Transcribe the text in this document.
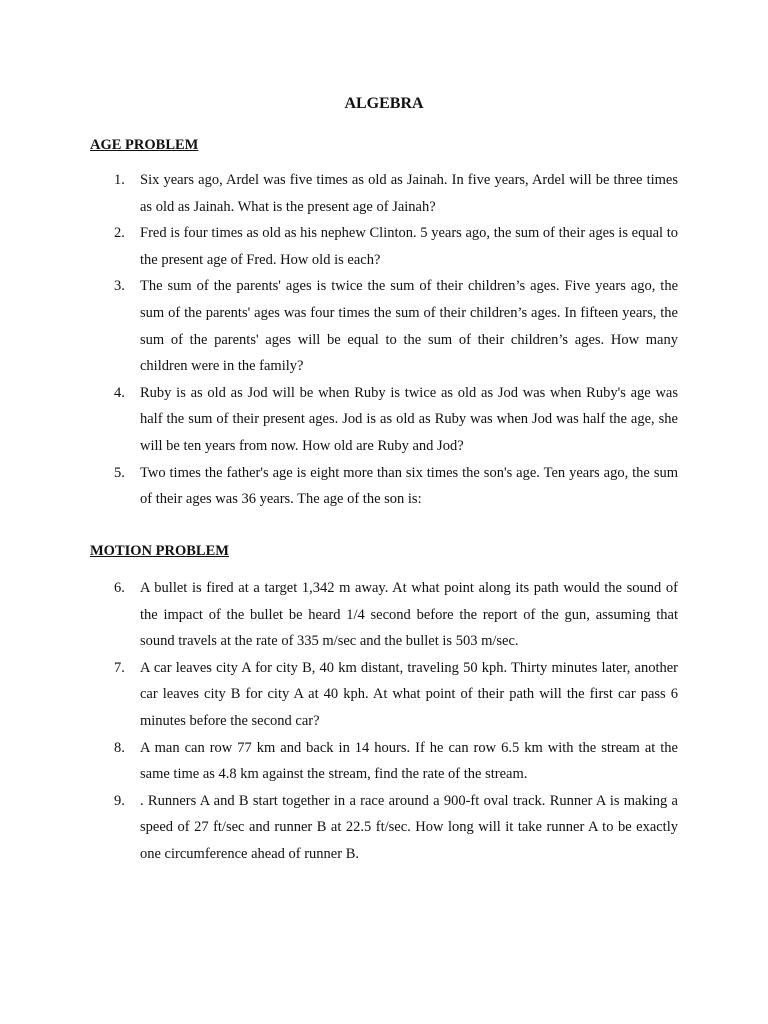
ALGEBRA
AGE PROBLEM
1. Six years ago, Ardel was five times as old as Jainah. In five years, Ardel will be three times as old as Jainah. What is the present age of Jainah?
2. Fred is four times as old as his nephew Clinton. 5 years ago, the sum of their ages is equal to the present age of Fred. How old is each?
3. The sum of the parents' ages is twice the sum of their children’s ages. Five years ago, the sum of the parents' ages was four times the sum of their children’s ages. In fifteen years, the sum of the parents' ages will be equal to the sum of their children’s ages. How many children were in the family?
4. Ruby is as old as Jod will be when Ruby is twice as old as Jod was when Ruby's age was half the sum of their present ages. Jod is as old as Ruby was when Jod was half the age, she will be ten years from now. How old are Ruby and Jod?
5. Two times the father's age is eight more than six times the son's age. Ten years ago, the sum of their ages was 36 years. The age of the son is:
MOTION PROBLEM
6. A bullet is fired at a target 1,342 m away. At what point along its path would the sound of the impact of the bullet be heard 1/4 second before the report of the gun, assuming that sound travels at the rate of 335 m/sec and the bullet is 503 m/sec.
7. A car leaves city A for city B, 40 km distant, traveling 50 kph. Thirty minutes later, another car leaves city B for city A at 40 kph. At what point of their path will the first car pass 6 minutes before the second car?
8. A man can row 77 km and back in 14 hours. If he can row 6.5 km with the stream at the same time as 4.8 km against the stream, find the rate of the stream.
9. . Runners A and B start together in a race around a 900-ft oval track. Runner A is making a speed of 27 ft/sec and runner B at 22.5 ft/sec. How long will it take runner A to be exactly one circumference ahead of runner B.
